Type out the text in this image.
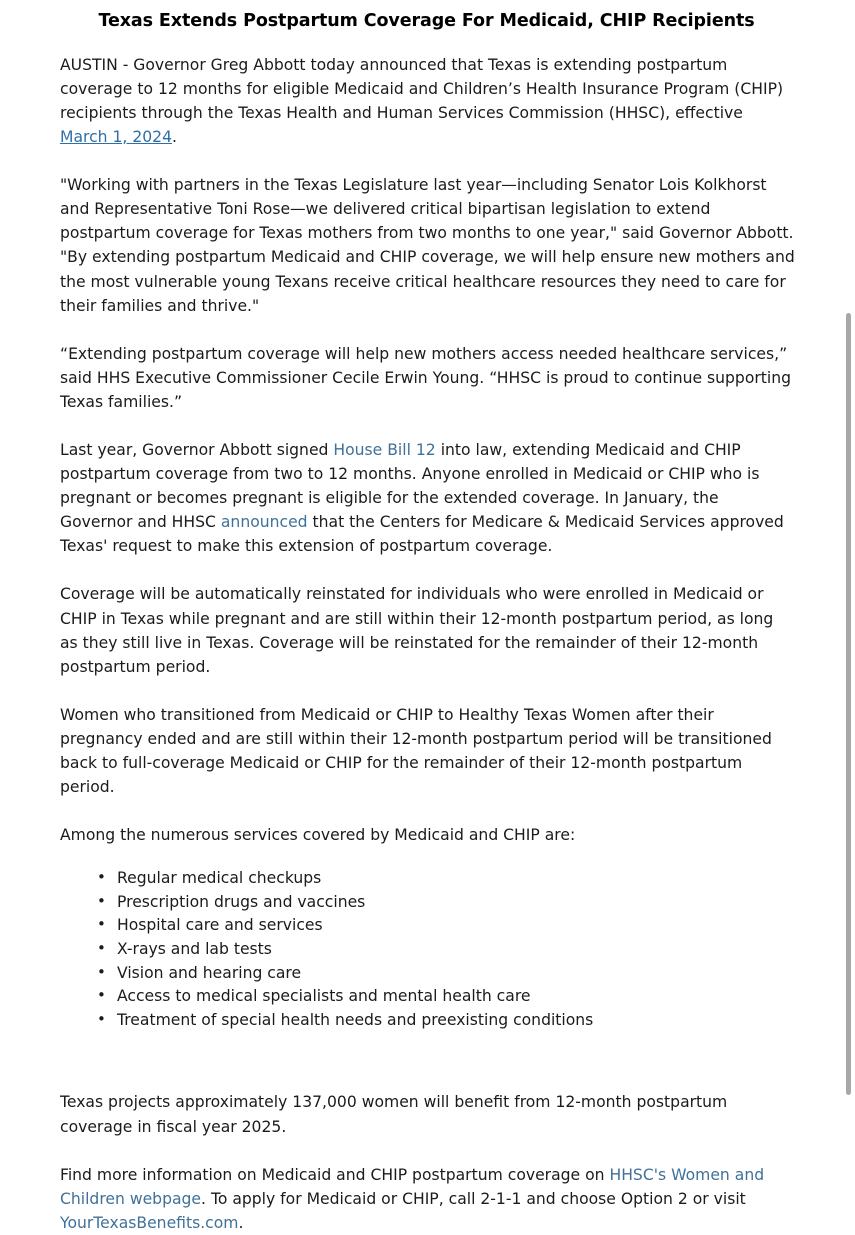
Texas Extends Postpartum Coverage For Medicaid, CHIP Recipients

AUSTIN - Governor Greg Abbott today announced that Texas is extending postpartum coverage to 12 months for eligible Medicaid and Children’s Health Insurance Program (CHIP) recipients through the Texas Health and Human Services Commission (HHSC), effective March 1, 2024.

"Working with partners in the Texas Legislature last year—including Senator Lois Kolkhorst and Representative Toni Rose—we delivered critical bipartisan legislation to extend postpartum coverage for Texas mothers from two months to one year," said Governor Abbott. "By extending postpartum Medicaid and CHIP coverage, we will help ensure new mothers and the most vulnerable young Texans receive critical healthcare resources they need to care for their families and thrive."

“Extending postpartum coverage will help new mothers access needed healthcare services,” said HHS Executive Commissioner Cecile Erwin Young. “HHSC is proud to continue supporting Texas families.”

Last year, Governor Abbott signed House Bill 12 into law, extending Medicaid and CHIP postpartum coverage from two to 12 months. Anyone enrolled in Medicaid or CHIP who is pregnant or becomes pregnant is eligible for the extended coverage. In January, the Governor and HHSC announced that the Centers for Medicare & Medicaid Services approved Texas' request to make this extension of postpartum coverage.

Coverage will be automatically reinstated for individuals who were enrolled in Medicaid or CHIP in Texas while pregnant and are still within their 12-month postpartum period, as long as they still live in Texas. Coverage will be reinstated for the remainder of their 12-month postpartum period.

Women who transitioned from Medicaid or CHIP to Healthy Texas Women after their pregnancy ended and are still within their 12-month postpartum period will be transitioned back to full-coverage Medicaid or CHIP for the remainder of their 12-month postpartum period.

Among the numerous services covered by Medicaid and CHIP are:

• Regular medical checkups
• Prescription drugs and vaccines
• Hospital care and services
• X-rays and lab tests
• Vision and hearing care
• Access to medical specialists and mental health care
• Treatment of special health needs and preexisting conditions

Texas projects approximately 137,000 women will benefit from 12-month postpartum coverage in fiscal year 2025.

Find more information on Medicaid and CHIP postpartum coverage on HHSC's Women and Children webpage. To apply for Medicaid or CHIP, call 2-1-1 and choose Option 2 or visit YourTexasBenefits.com.
